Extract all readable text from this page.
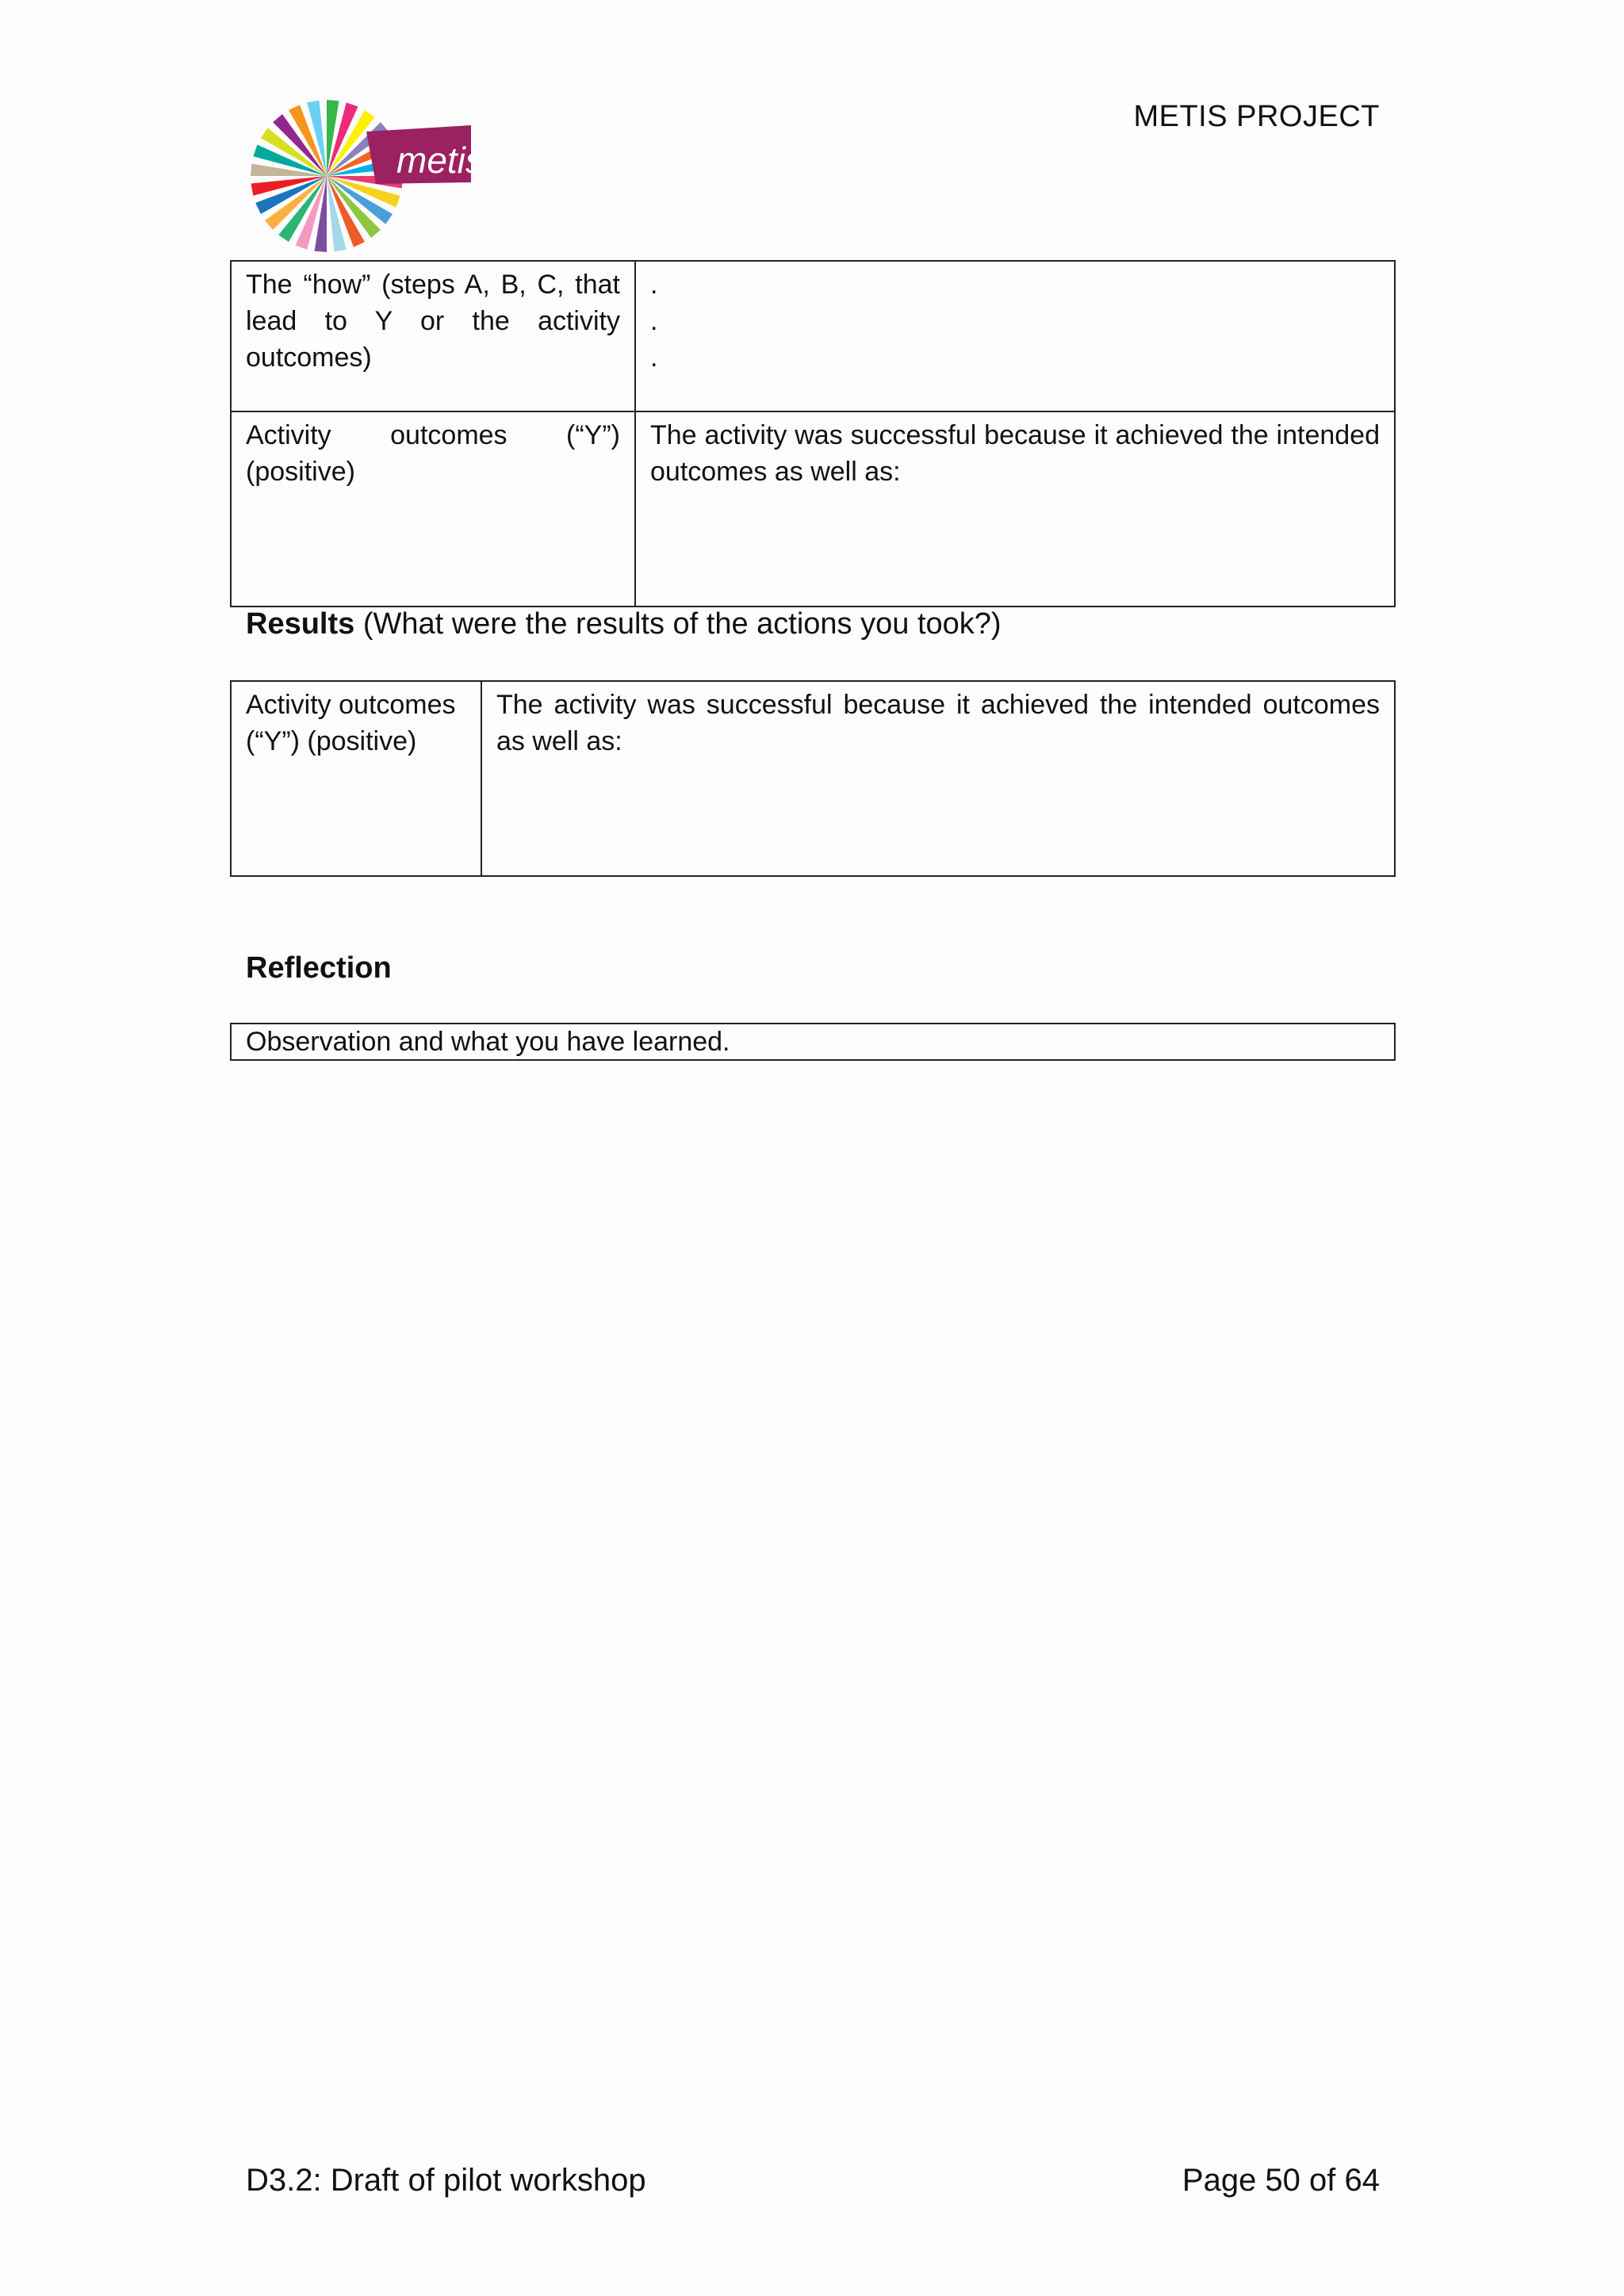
metis
METIS PROJECT
The “how” (steps A, B, C, that lead to Y or the activity outcomes)	.
.
.

Activity outcomes (“Y”) (positive)	The activity was successful because it achieved the intended outcomes as well as:
Results (What were the results of the actions you took?)
Activity outcomes (“Y”) (positive)	The activity was successful because it achieved the intended outcomes as well as:
Reflection
Observation and what you have learned.
D3.2: Draft of pilot workshop	Page 50 of 64
